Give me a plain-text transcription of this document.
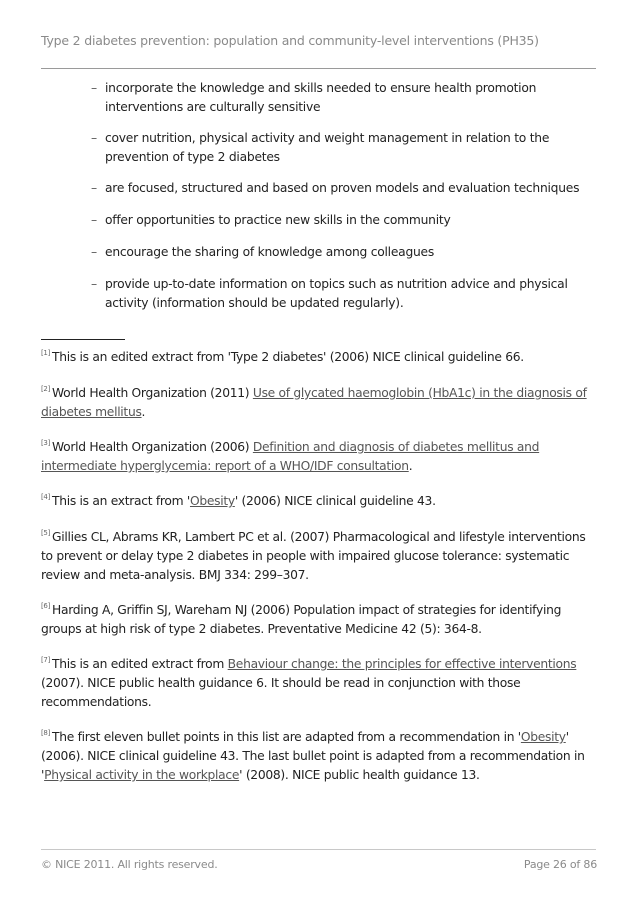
Type 2 diabetes prevention: population and community-level interventions (PH35)
– incorporate the knowledge and skills needed to ensure health promotion interventions are culturally sensitive
– cover nutrition, physical activity and weight management in relation to the prevention of type 2 diabetes
– are focused, structured and based on proven models and evaluation techniques
– offer opportunities to practice new skills in the community
– encourage the sharing of knowledge among colleagues
– provide up-to-date information on topics such as nutrition advice and physical activity (information should be updated regularly).

[1] This is an edited extract from 'Type 2 diabetes' (2006) NICE clinical guideline 66.

[2] World Health Organization (2011) Use of glycated haemoglobin (HbA1c) in the diagnosis of diabetes mellitus.

[3] World Health Organization (2006) Definition and diagnosis of diabetes mellitus and intermediate hyperglycemia: report of a WHO/IDF consultation.

[4] This is an extract from 'Obesity' (2006) NICE clinical guideline 43.

[5] Gillies CL, Abrams KR, Lambert PC et al. (2007) Pharmacological and lifestyle interventions to prevent or delay type 2 diabetes in people with impaired glucose tolerance: systematic review and meta-analysis. BMJ 334: 299–307.

[6] Harding A, Griffin SJ, Wareham NJ (2006) Population impact of strategies for identifying groups at high risk of type 2 diabetes. Preventative Medicine 42 (5): 364-8.

[7] This is an edited extract from Behaviour change: the principles for effective interventions (2007). NICE public health guidance 6. It should be read in conjunction with those recommendations.

[8] The first eleven bullet points in this list are adapted from a recommendation in 'Obesity' (2006). NICE clinical guideline 43. The last bullet point is adapted from a recommendation in 'Physical activity in the workplace' (2008). NICE public health guidance 13.

© NICE 2011. All rights reserved.	Page 26 of 86
